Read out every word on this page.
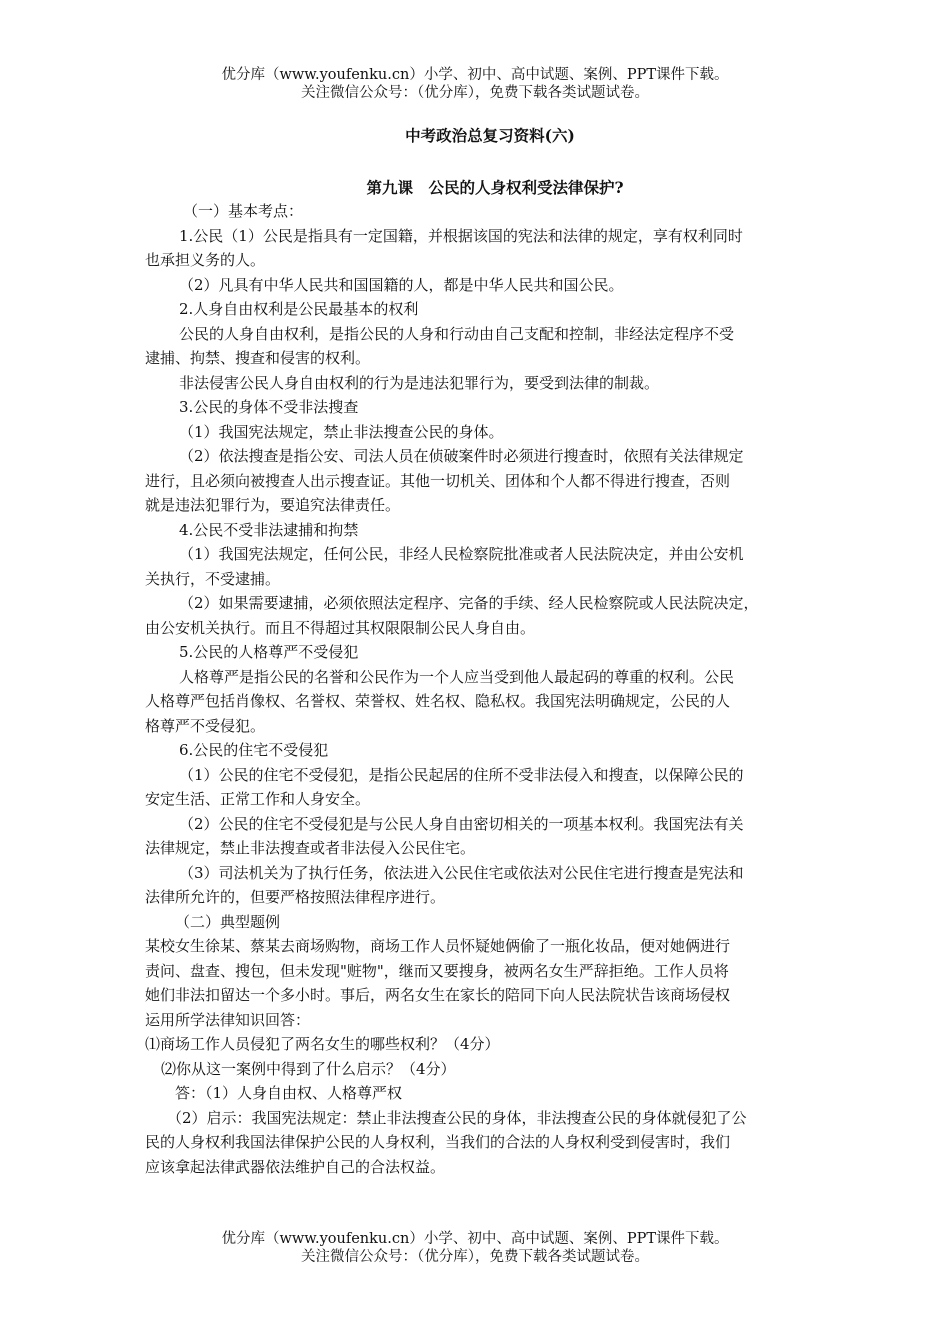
优分库（www.youfenku.cn）小学、初中、高中试题、案例、PPT课件下载。
关注微信公众号：（优分库），免费下载各类试题试卷。
中考政治总复习资料(六)
第九课　公民的人身权利受法律保护?

（一）基本考点：

1.公民（1）公民是指具有一定国籍，并根据该国的宪法和法律的规定，享有权利同时

也承担义务的人。

（2）凡具有中华人民共和国国籍的人，都是中华人民共和国公民。

2.人身自由权利是公民最基本的权利

公民的人身自由权利，是指公民的人身和行动由自己支配和控制，非经法定程序不受

逮捕、拘禁、搜查和侵害的权利。

非法侵害公民人身自由权利的行为是违法犯罪行为，要受到法律的制裁。

3.公民的身体不受非法搜查

（1）我国宪法规定，禁止非法搜查公民的身体。

（2）依法搜查是指公安、司法人员在侦破案件时必须进行搜查时，依照有关法律规定

进行，且必须向被搜查人出示搜查证。其他一切机关、团体和个人都不得进行搜查，否则

就是违法犯罪行为，要追究法律责任。

4.公民不受非法逮捕和拘禁

（1）我国宪法规定，任何公民，非经人民检察院批准或者人民法院决定，并由公安机

关执行，不受逮捕。

（2）如果需要逮捕，必须依照法定程序、完备的手续、经人民检察院或人民法院决定，

由公安机关执行。而且不得超过其权限限制公民人身自由。

5.公民的人格尊严不受侵犯

人格尊严是指公民的名誉和公民作为一个人应当受到他人最起码的尊重的权利。公民

人格尊严包括肖像权、名誉权、荣誉权、姓名权、隐私权。我国宪法明确规定，公民的人

格尊严不受侵犯。

6.公民的住宅不受侵犯

（1）公民的住宅不受侵犯，是指公民起居的住所不受非法侵入和搜查，以保障公民的

安定生活、正常工作和人身安全。

（2）公民的住宅不受侵犯是与公民人身自由密切相关的一项基本权利。我国宪法有关

法律规定，禁止非法搜查或者非法侵入公民住宅。

（3）司法机关为了执行任务，依法进入公民住宅或依法对公民住宅进行搜查是宪法和

法律所允许的，但要严格按照法律程序进行。

（二）典型题例

某校女生徐某、蔡某去商场购物，商场工作人员怀疑她俩偷了一瓶化妆品，便对她俩进行

责问、盘查、搜包，但未发现"赃物"，继而又要搜身，被两名女生严辞拒绝。工作人员将

她们非法扣留达一个多小时。事后，两名女生在家长的陪同下向人民法院状告该商场侵权

运用所学法律知识回答：

⑴商场工作人员侵犯了两名女生的哪些权利？（4分）

⑵你从这一案例中得到了什么启示？（4分）

答：（1）人身自由权、人格尊严权

（2）启示：我国宪法规定：禁止非法搜查公民的身体，非法搜查公民的身体就侵犯了公

民的人身权利我国法律保护公民的人身权利，当我们的合法的人身权利受到侵害时，我们

应该拿起法律武器依法维护自己的合法权益。

优分库（www.youfenku.cn）小学、初中、高中试题、案例、PPT课件下载。
关注微信公众号：（优分库），免费下载各类试题试卷。
